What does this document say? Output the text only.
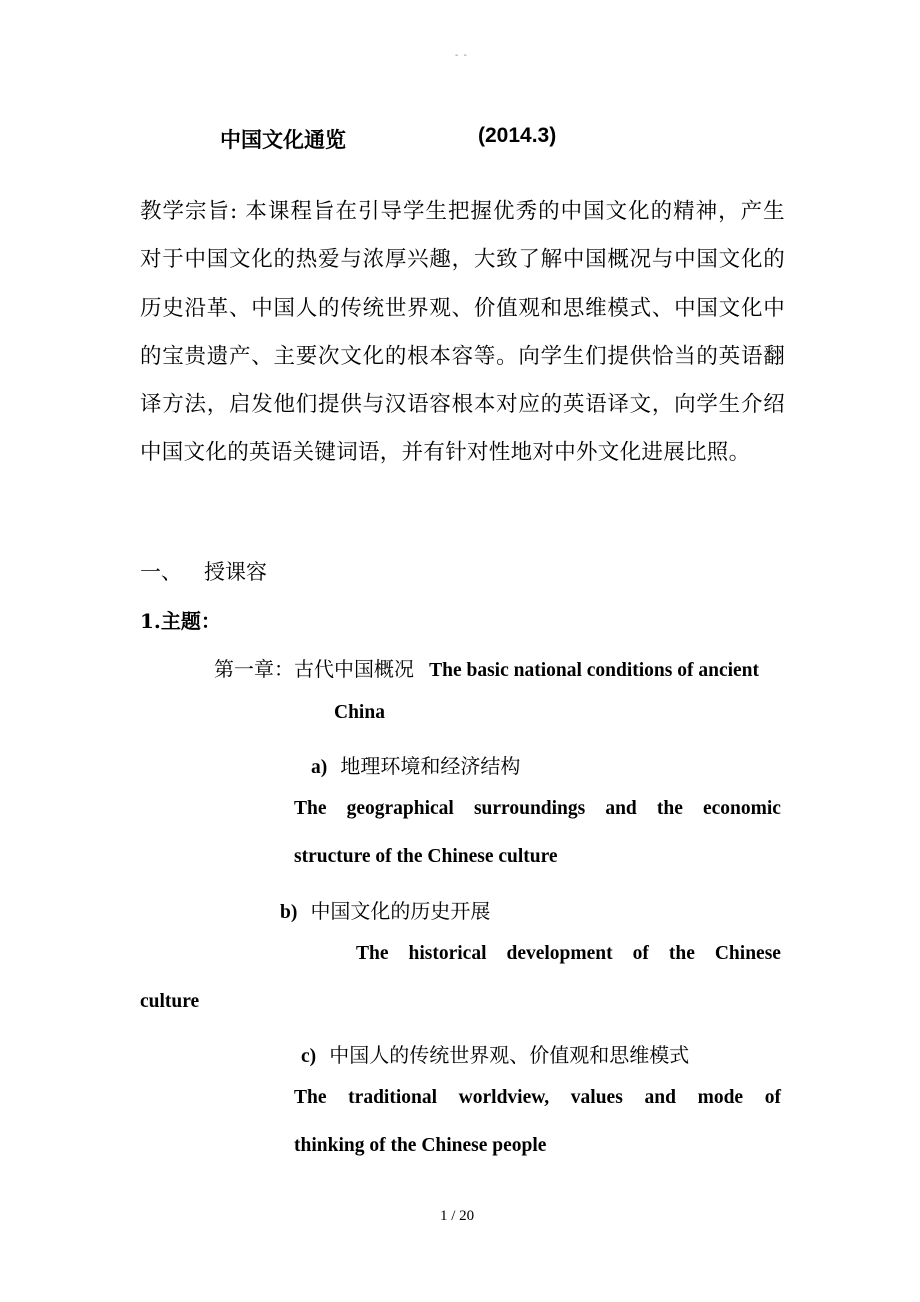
- -
中国文化通览	(2014.3)
教学宗旨: 本课程旨在引导学生把握优秀的中国文化的精神，产生对于中国文化的热爱与浓厚兴趣，大致了解中国概况与中国文化的历史沿革、中国人的传统世界观、价值观和思维模式、中国文化中的宝贵遗产、主要次文化的根本容等。向学生们提供恰当的英语翻译方法，启发他们提供与汉语容根本对应的英语译文，向学生介绍中国文化的英语关键词语，并有针对性地对中外文化进展比照。
一、 授课容
1.主题：
第一章：古代中国概况 The basic national conditions of ancient
China
a) 地理环境和经济结构
The geographical surroundings and the economic
structure of the Chinese culture
b) 中国文化的历史开展
The historical development of the Chinese
culture
c) 中国人的传统世界观、价值观和思维模式
The traditional worldview, values and mode of
thinking of the Chinese people
1 / 20
